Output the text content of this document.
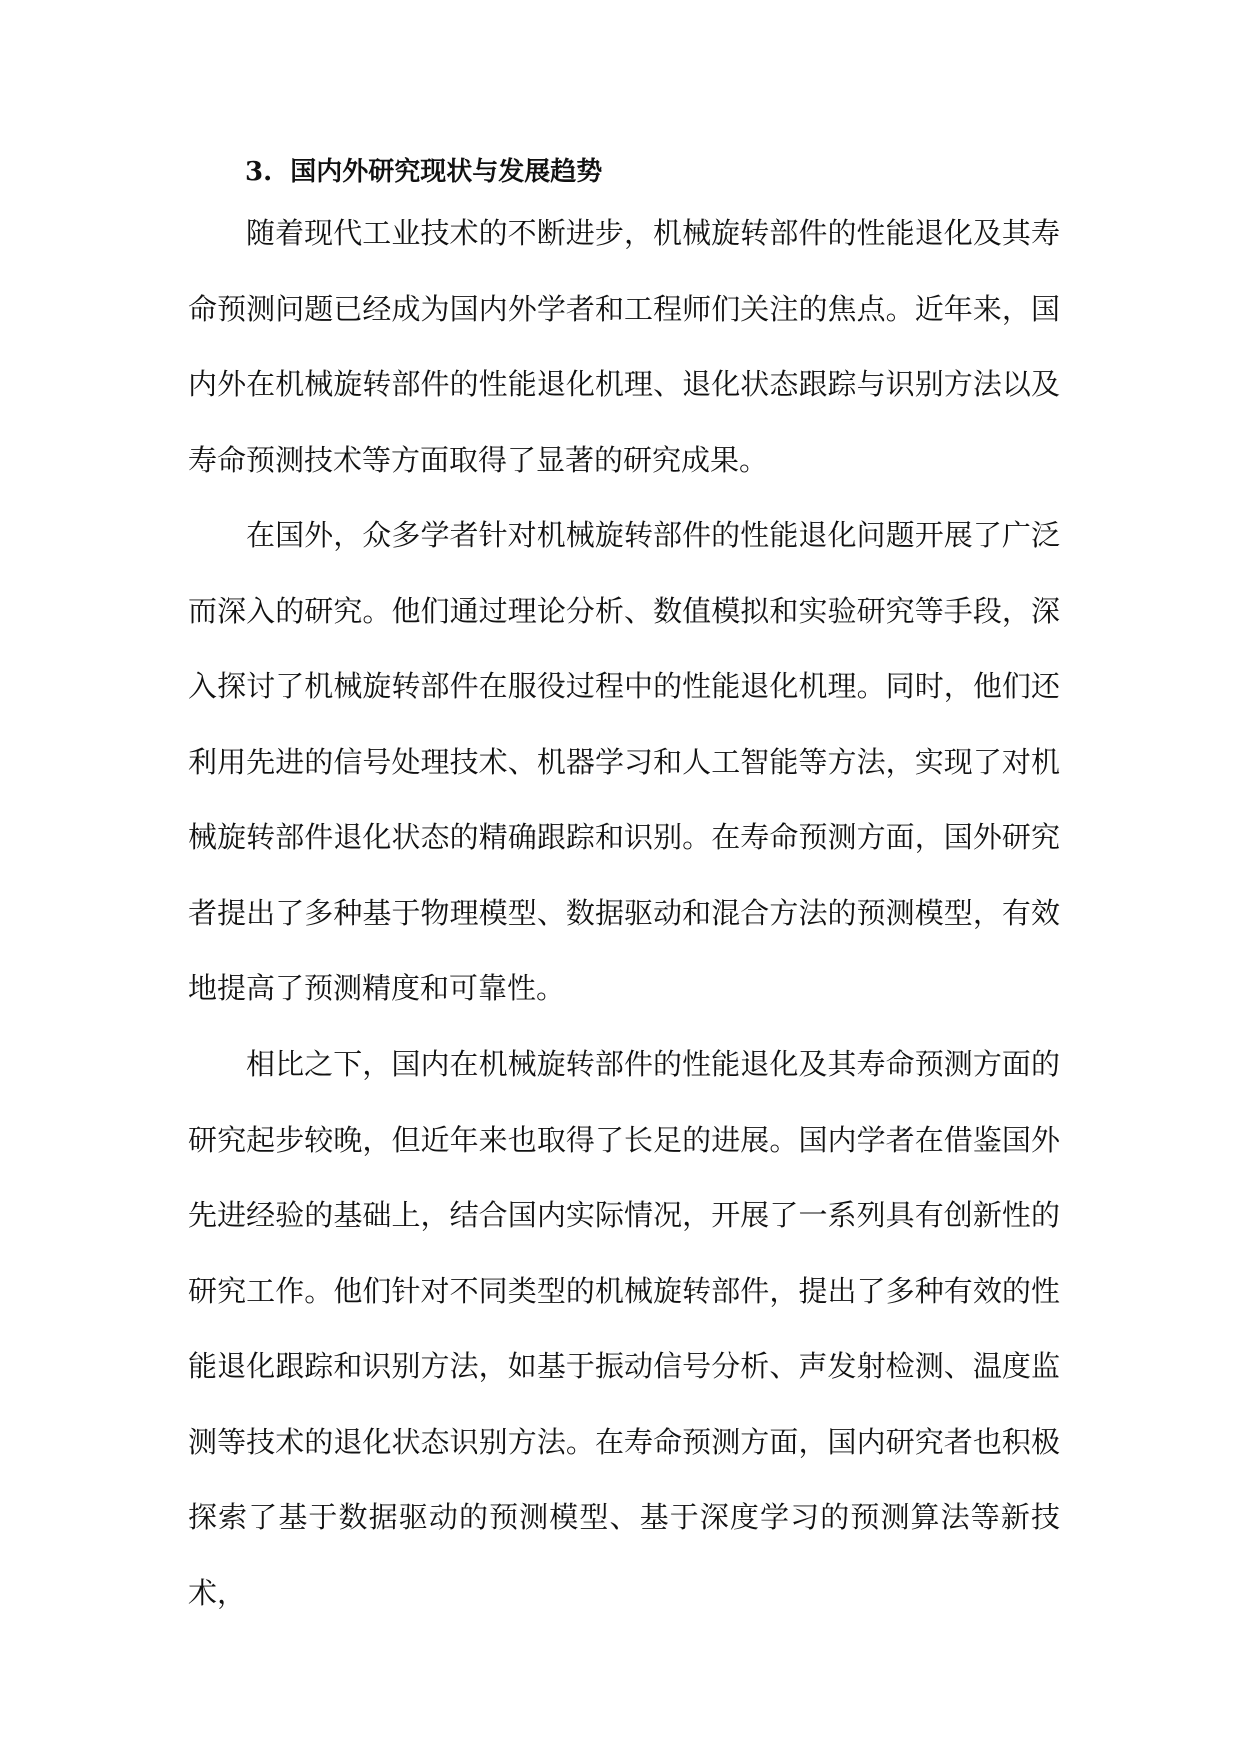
3. 国内外研究现状与发展趋势

随着现代工业技术的不断进步，机械旋转部件的性能退化及其寿命预测问题已经成为国内外学者和工程师们关注的焦点。近年来，国内外在机械旋转部件的性能退化机理、退化状态跟踪与识别方法以及寿命预测技术等方面取得了显著的研究成果。

在国外，众多学者针对机械旋转部件的性能退化问题开展了广泛而深入的研究。他们通过理论分析、数值模拟和实验研究等手段，深入探讨了机械旋转部件在服役过程中的性能退化机理。同时，他们还利用先进的信号处理技术、机器学习和人工智能等方法，实现了对机械旋转部件退化状态的精确跟踪和识别。在寿命预测方面，国外研究者提出了多种基于物理模型、数据驱动和混合方法的预测模型，有效地提高了预测精度和可靠性。

相比之下，国内在机械旋转部件的性能退化及其寿命预测方面的研究起步较晚，但近年来也取得了长足的进展。国内学者在借鉴国外先进经验的基础上，结合国内实际情况，开展了一系列具有创新性的研究工作。他们针对不同类型的机械旋转部件，提出了多种有效的性能退化跟踪和识别方法，如基于振动信号分析、声发射检测、温度监测等技术的退化状态识别方法。在寿命预测方面，国内研究者也积极探索了基于数据驱动的预测模型、基于深度学习的预测算法等新技术，
